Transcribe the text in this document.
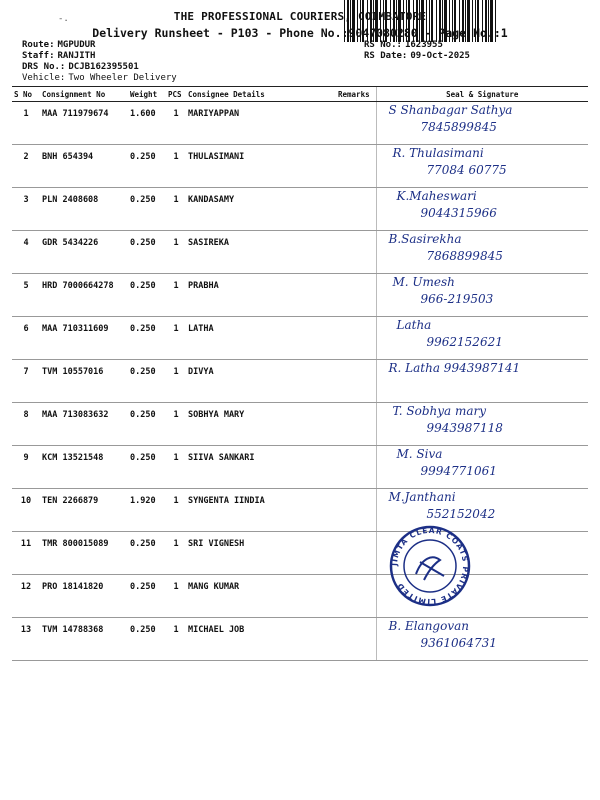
-.	THE PROFESSIONAL COURIERS, COIMBATORE
Delivery Runsheet - P103 - Phone No.:9047080280 - Page No.:1
Route: MGPUDUR
Staff: RANJITH
DRS No.: DCJB162395501
Vehicle: Two Wheeler Delivery
RS No.: 1623955
RS Date: 09-Oct-2025
S No	Consignment No	Weight	PCS	Consignee Details	Remarks	Seal & Signature
1	MAA 711979674	1.600	1	MARIYAPPAN		S Shanbagar Sathya
7845899845

2	BNH 654394	0.250	1	THULASIMANI		R. Thulasimani
77084 60775

3	PLN 2408608	0.250	1	KANDASAMY		K.Maheswari
9044315966

4	GDR 5434226	0.250	1	SASIREKA		B.Sasirekha
7868899845

5	HRD 7000664278	0.250	1	PRABHA		M. Umesh
966-219503

6	MAA 710311609	0.250	1	LATHA		Latha
9962152621

7	TVM 10557016	0.250	1	DIVYA		R. Latha 9943987141

8	MAA 713083632	0.250	1	SOBHYA MARY		T. Sobhya mary
9943987118

9	KCM 13521548	0.250	1	SIIVA SANKARI		M. Siva
9994771061

10	TEN 2266879	1.920	1	SYNGENTA IINDIA		M.Janthani
552152042

11	TMR 800015089	0.250	1	SRI VIGNESH		

12	PRO 18141820	0.250	1	MANG KUMAR		

13	TVM 14788368	0.250	1	MICHAEL JOB		B. Elangovan
9361064731
JIMTA CLEAR COATS PRIVATE LIMITED
